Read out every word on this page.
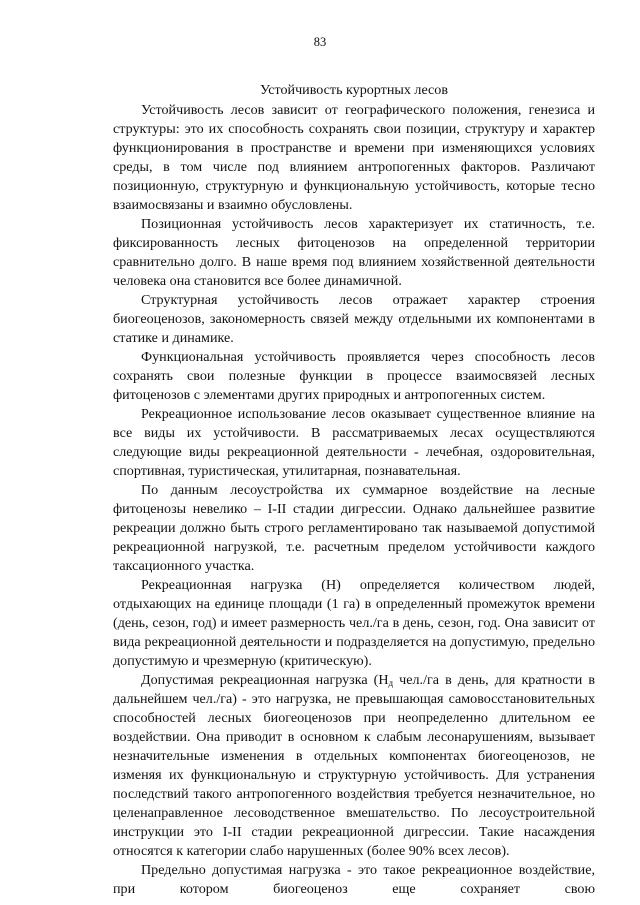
83
Устойчивость курортных лесов

Устойчивость лесов зависит от географического положения, генезиса и структуры: это их способность сохранять свои позиции, структуру и характер функционирования в пространстве и времени при изменяющихся условиях среды, в том числе под влиянием антропогенных факторов. Различают позиционную, структурную и функциональную устойчивость, которые тесно взаимосвязаны и взаимно обусловлены.

Позиционная устойчивость лесов характеризует их статичность, т.е. фиксированность лесных фитоценозов на определенной территории сравнительно долго. В наше время под влиянием хозяйственной деятельности человека она становится все более динамичной.

Структурная устойчивость лесов отражает характер строения биогеоценозов, закономерность связей между отдельными их компонентами в статике и динамике.

Функциональная устойчивость проявляется через способность лесов сохранять свои полезные функции в процессе взаимосвязей лесных фитоценозов с элементами других природных и антропогенных систем.

Рекреационное использование лесов оказывает существенное влияние на все виды их устойчивости. В рассматриваемых лесах осуществляются следующие виды рекреационной деятельности - лечебная, оздоровительная, спортивная, туристическая, утилитарная, познавательная.

По данным лесоустройства их суммарное воздействие на лесные фитоценозы невелико – I-II стадии дигрессии. Однако дальнейшее развитие рекреации должно быть строго регламентировано так называемой допустимой рекреационной нагрузкой, т.е. расчетным пределом устойчивости каждого таксационного участка.

Рекреационная нагрузка (Н) определяется количеством людей, отдыхающих на единице площади (1 га) в определенный промежуток времени (день, сезон, год) и имеет размерность чел./га в день, сезон, год. Она зависит от вида рекреационной деятельности и подразделяется на допустимую, предельно допустимую и чрезмерную (критическую).

Допустимая рекреационная нагрузка ($Н_д$ чел./га в день, для кратности в дальнейшем чел./га) - это нагрузка, не превышающая самовосстановительных способностей лесных биогеоценозов при неопределенно длительном ее воздействии. Она приводит в основном к слабым лесонарушениям, вызывает незначительные изменения в отдельных компонентах биогеоценозов, не изменяя их функциональную и структурную устойчивость. Для устранения последствий такого антропогенного воздействия требуется незначительное, но целенаправленное лесоводственное вмешательство. По лесоустроительной инструкции это I-II стадии рекреационной дигрессии. Такие насаждения относятся к категории слабо нарушенных (более 90% всех лесов).

Предельно допустимая нагрузка - это такое рекреационное воздействие, при котором биогеоценоз еще сохраняет свою
